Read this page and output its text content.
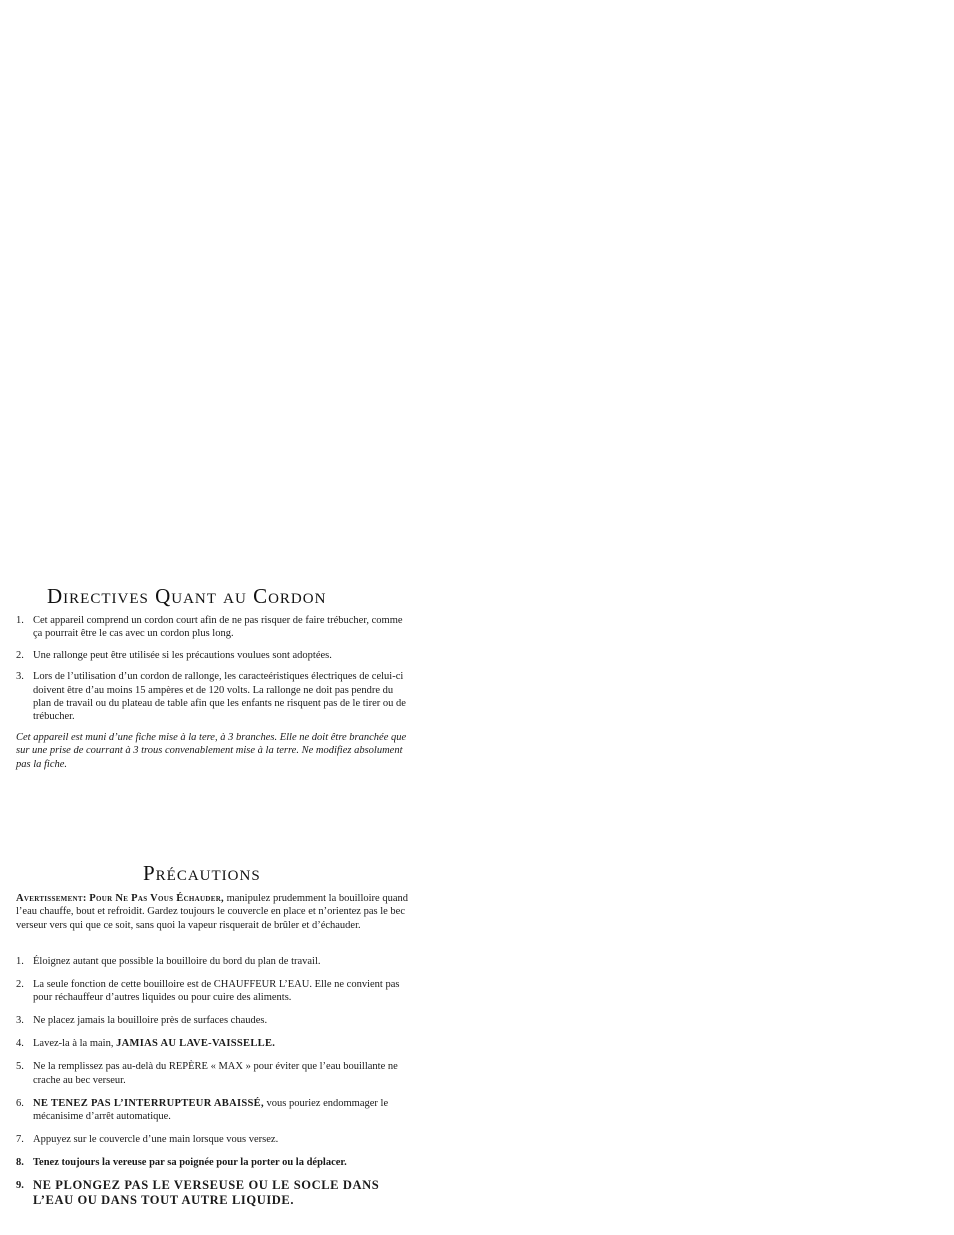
Directives Quant au Cordon
1. Cet appareil comprend un cordon court afin de ne pas risquer de faire trébucher, comme ça pourrait être le cas avec un cordon plus long.
2. Une rallonge peut être utilisée si les précautions voulues sont adoptées.
3. Lors de l’utilisation d’un cordon de rallonge, les caracteéristiques électriques de celui-ci doivent être d’au moins 15 ampères et de 120 volts. La rallonge ne doit pas pendre du plan de travail ou du plateau de table afin que les enfants ne risquent pas de le tirer ou de trébucher.

Cet appareil est muni d’une fiche mise à la tere, à 3 branches. Elle ne doit être branchée que sur une prise de courrant à 3 trous convenablement mise à la terre. Ne modifiez absolument pas la fiche.

Précautions

Avertissement: Pour Ne Pas Vous Échauder, manipulez prudemment la bouilloire quand l’eau chauffe, bout et refroidit. Gardez toujours le couvercle en place et n’orientez pas le bec verseur vers qui que ce soit, sans quoi la vapeur risquerait de brûler et d’échauder.

1. Éloignez autant que possible la bouilloire du bord du plan de travail.
2. La seule fonction de cette bouilloire est de CHAUFFEUR L’EAU. Elle ne convient pas pour réchauffeur d’autres liquides ou pour cuire des aliments.
3. Ne placez jamais la bouilloire près de surfaces chaudes.
4. Lavez-la à la main, JAMIAS AU LAVE-VAISSELLE.
5. Ne la remplissez pas au-delà du REPÈRE « MAX » pour éviter que l’eau bouillante ne crache au bec verseur.
6. NE TENEZ PAS L’INTERRUPTEUR ABAISSÉ, vous pouriez endommager le mécanisime d’arrêt automatique.
7. Appuyez sur le couvercle d’une main lorsque vous versez.
8. Tenez toujours la vereuse par sa poignée pour la porter ou la déplacer.
9. NE PLONGEZ PAS LE VERSEUSE OU LE SOCLE DANS L’EAU OU DANS TOUT AUTRE LIQUIDE.
